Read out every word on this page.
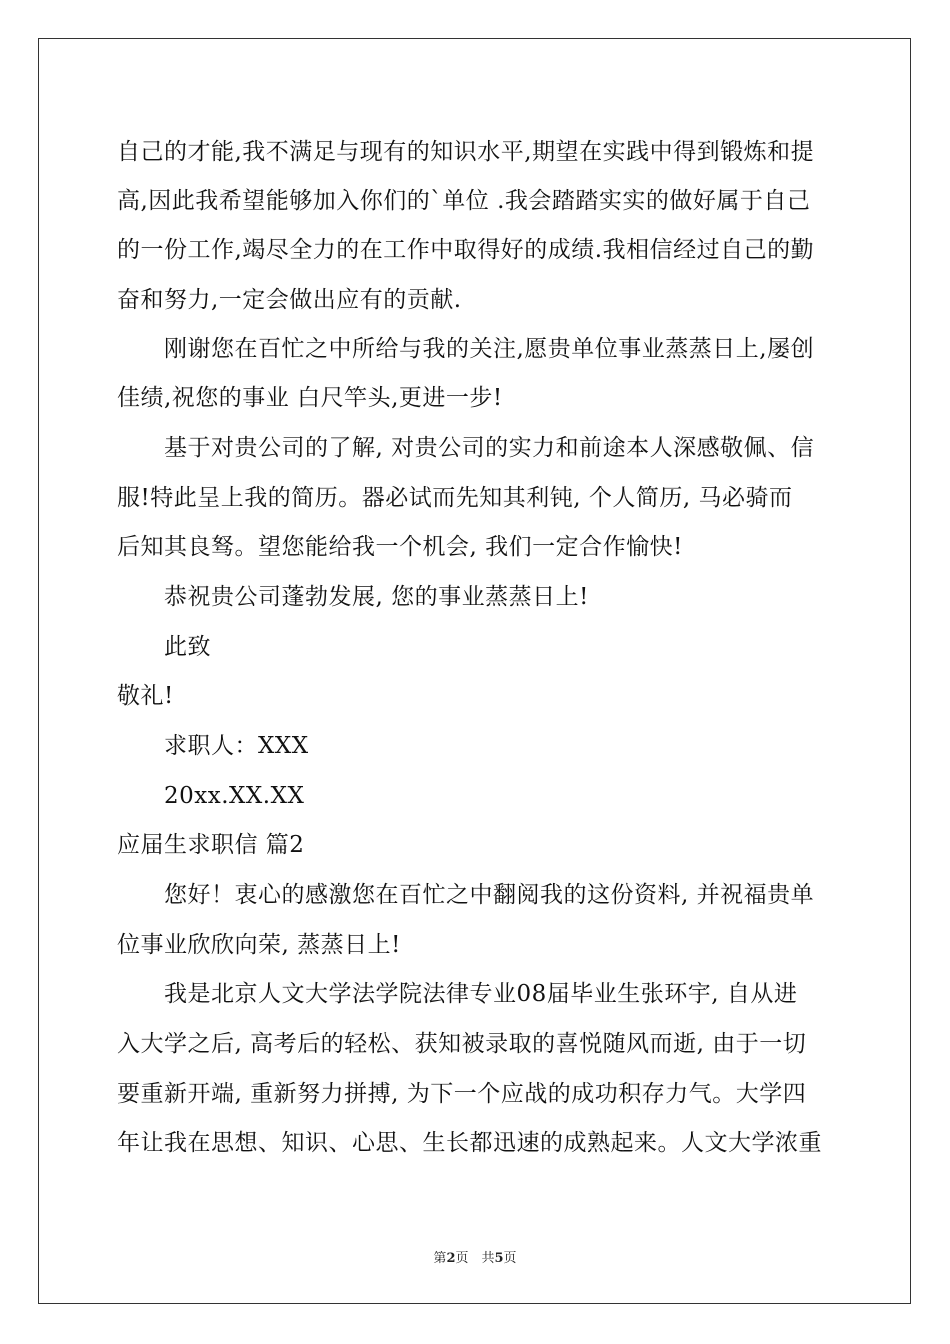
自己的才能,我不满足与现有的知识水平,期望在实践中得到锻炼和提
高,因此我希望能够加入你们的`单位 .我会踏踏实实的做好属于自己
的一份工作,竭尽全力的在工作中取得好的成绩.我相信经过自己的勤
奋和努力,一定会做出应有的贡献.
刚谢您在百忙之中所给与我的关注,愿贵单位事业蒸蒸日上,屡创
佳绩,祝您的事业 白尺竿头,更进一步!
基于对贵公司的了解, 对贵公司的实力和前途本人深感敬佩、信
服!特此呈上我的简历。器必试而先知其利钝, 个人简历, 马必骑而
后知其良驽。望您能给我一个机会, 我们一定合作愉快!
恭祝贵公司蓬勃发展, 您的事业蒸蒸日上!
此致
敬礼!
求职人：XXX
20xx.XX.XX
应届生求职信 篇2
您好！衷心的感激您在百忙之中翻阅我的这份资料, 并祝福贵单
位事业欣欣向荣, 蒸蒸日上!
我是北京人文大学法学院法律专业08届毕业生张环宇, 自从进
入大学之后, 高考后的轻松、获知被录取的喜悦随风而逝, 由于一切
要重新开端, 重新努力拼搏, 为下一个应战的成功积存力气。大学四
年让我在思想、知识、心思、生长都迅速的成熟起来。人文大学浓重
第2页　共5页
